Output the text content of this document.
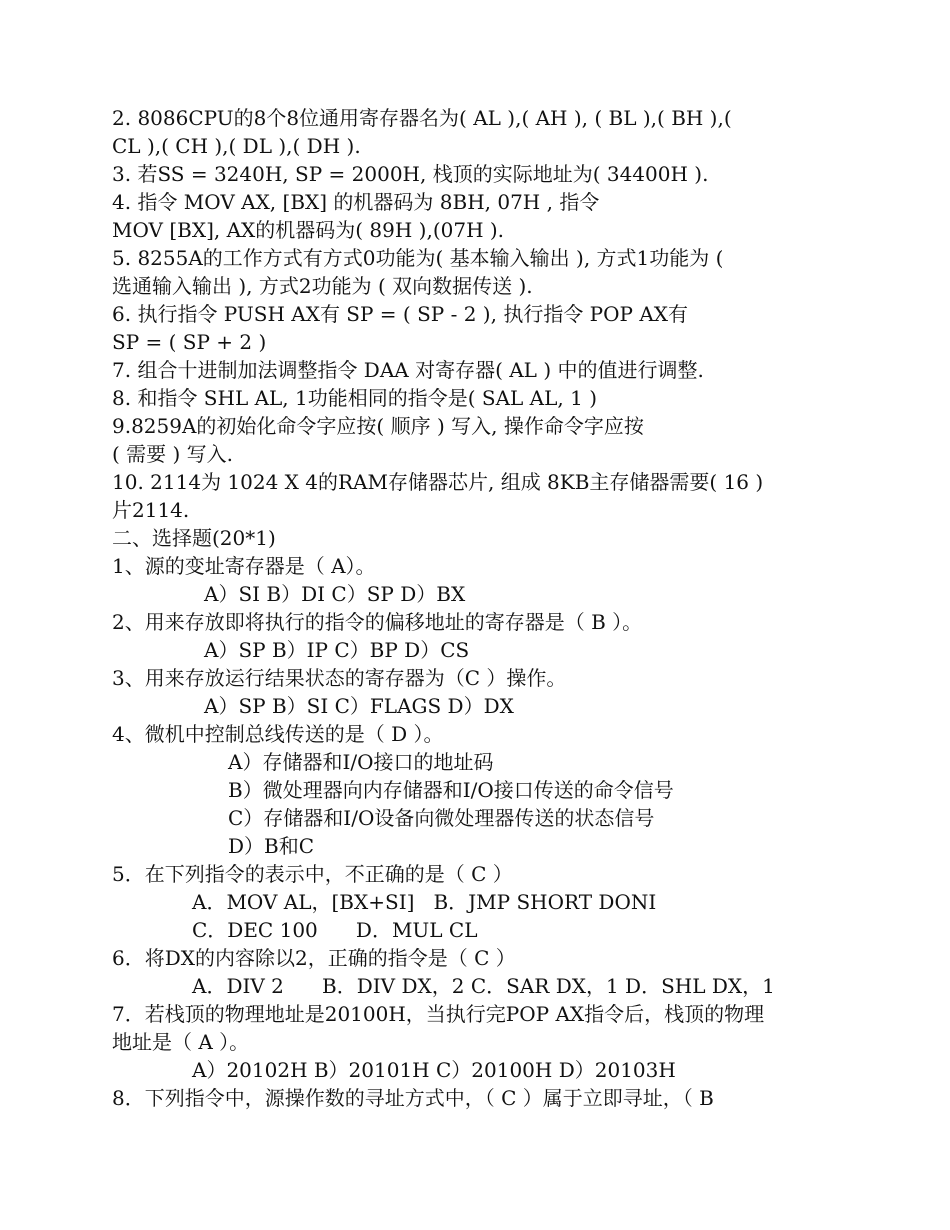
2. 8086CPU的8个8位通用寄存器名为( AL ),( AH ), ( BL ),( BH ),(
CL ),( CH ),( DL ),( DH ).
3. 若SS = 3240H, SP = 2000H, 栈顶的实际地址为( 34400H ).
4. 指令 MOV AX, [BX] 的机器码为 8BH, 07H , 指令
MOV [BX], AX的机器码为( 89H ),(07H ).
5. 8255A的工作方式有方式0功能为( 基本输入输出 ), 方式1功能为 (
选通输入输出 ), 方式2功能为 ( 双向数据传送 ).
6. 执行指令 PUSH AX有 SP = ( SP - 2 ), 执行指令 POP AX有
SP = ( SP + 2 )
7. 组合十进制加法调整指令 DAA 对寄存器( AL ) 中的值进行调整.
8. 和指令 SHL AL, 1功能相同的指令是( SAL AL, 1 )
9.8259A的初始化命令字应按( 顺序 ) 写入, 操作命令字应按
( 需要 ) 写入.
10. 2114为 1024 X 4的RAM存储器芯片, 组成 8KB主存储器需要( 16 )
片2114.
二、选择题(20*1)
1、源的变址寄存器是（ A）。
A）SI B）DI C）SP D）BX
2、用来存放即将执行的指令的偏移地址的寄存器是（ B ）。
A）SP B）IP C）BP D）CS
3、用来存放运行结果状态的寄存器为（C ）操作。
A）SP B）SI C）FLAGS D）DX
4、微机中控制总线传送的是（ D ）。
A）存储器和I/O接口的地址码
B）微处理器向内存储器和I/O接口传送的命令信号
C）存储器和I/O设备向微处理器传送的状态信号
D）B和C
5．在下列指令的表示中，不正确的是（ C ）
A．MOV AL，[BX+SI]   B．JMP SHORT DONI
C．DEC 100      D．MUL CL
6．将DX的内容除以2，正确的指令是（ C ）
A．DIV 2      B．DIV DX，2 C．SAR DX，1 D．SHL DX，1
7．若栈顶的物理地址是20100H，当执行完POP AX指令后，栈顶的物理
地址是（ A ）。
A）20102H B）20101H C）20100H D）20103H
8．下列指令中，源操作数的寻址方式中，（ C ）属于立即寻址，（ B
